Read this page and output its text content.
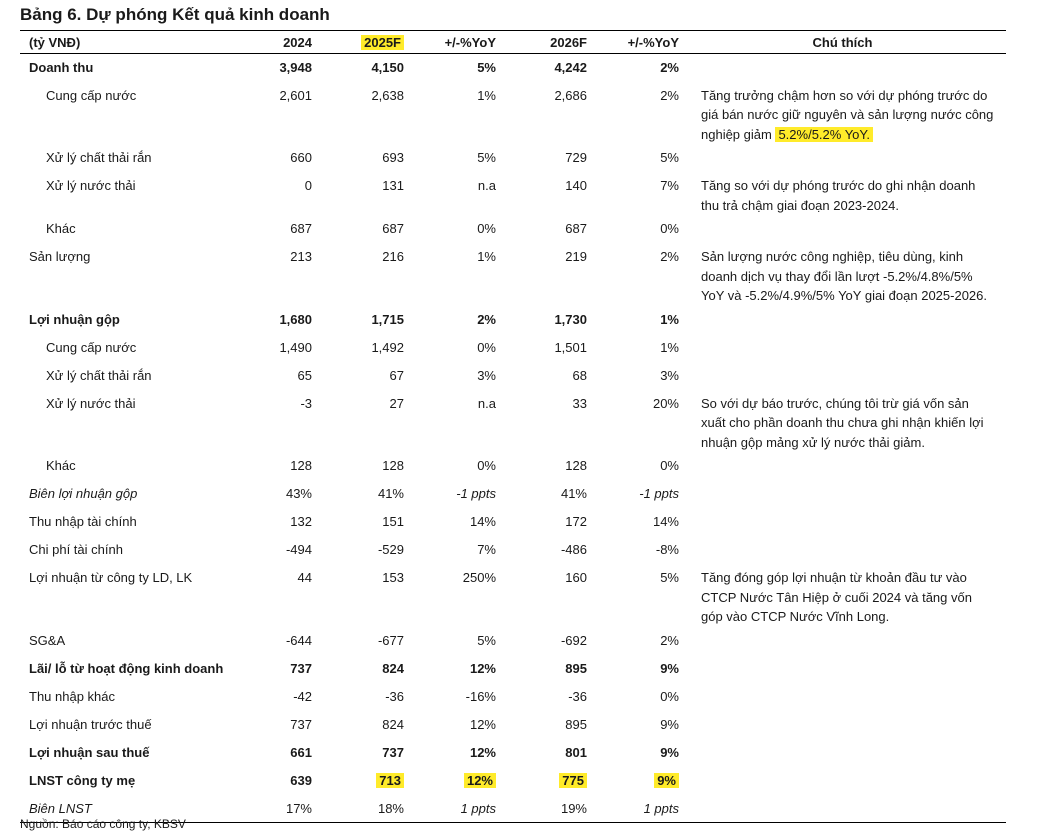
Bảng 6. Dự phóng Kết quả kinh doanh
(tỷ VNĐ)	2024	2025F	+/-%YoY	2026F	+/-%YoY	Chú thích
Doanh thu	3,948	4,150	5%	4,242	2%	
Cung cấp nước	2,601	2,638	1%	2,686	2%	Tăng trưởng chậm hơn so với dự phóng trước do giá bán nước giữ nguyên và sản lượng nước công nghiệp giảm 5.2%/5.2% YoY.
Xử lý chất thải rắn	660	693	5%	729	5%	
Xử lý nước thải	0	131	n.a	140	7%	Tăng so với dự phóng trước do ghi nhận doanh thu trả chậm giai đoạn 2023-2024.
Khác	687	687	0%	687	0%	
Sản lượng	213	216	1%	219	2%	Sản lượng nước công nghiệp, tiêu dùng, kinh doanh dịch vụ thay đổi lần lượt -5.2%/4.8%/5% YoY và -5.2%/4.9%/5% YoY giai đoạn 2025-2026.
Lợi nhuận gộp	1,680	1,715	2%	1,730	1%	
Cung cấp nước	1,490	1,492	0%	1,501	1%	
Xử lý chất thải rắn	65	67	3%	68	3%	
Xử lý nước thải	-3	27	n.a	33	20%	So với dự báo trước, chúng tôi trừ giá vốn sản xuất cho phần doanh thu chưa ghi nhận khiến lợi nhuận gộp mảng xử lý nước thải giảm.
Khác	128	128	0%	128	0%	
Biên lợi nhuận gộp	43%	41%	-1 ppts	41%	-1 ppts	
Thu nhập tài chính	132	151	14%	172	14%	
Chi phí tài chính	-494	-529	7%	-486	-8%	
Lợi nhuận từ công ty LD, LK	44	153	250%	160	5%	Tăng đóng góp lợi nhuận từ khoản đầu tư vào CTCP Nước Tân Hiệp ở cuối 2024 và tăng vốn góp vào CTCP Nước Vĩnh Long.
SG&A	-644	-677	5%	-692	2%	
Lãi/ lỗ từ hoạt động kinh doanh	737	824	12%	895	9%	
Thu nhập khác	-42	-36	-16%	-36	0%	
Lợi nhuận trước thuế	737	824	12%	895	9%	
Lợi nhuận sau thuế	661	737	12%	801	9%	
LNST công ty mẹ	639	713	12%	775	9%	
Biên LNST	17%	18%	1 ppts	19%	1 ppts	
Nguồn: Báo cáo công ty, KBSV
